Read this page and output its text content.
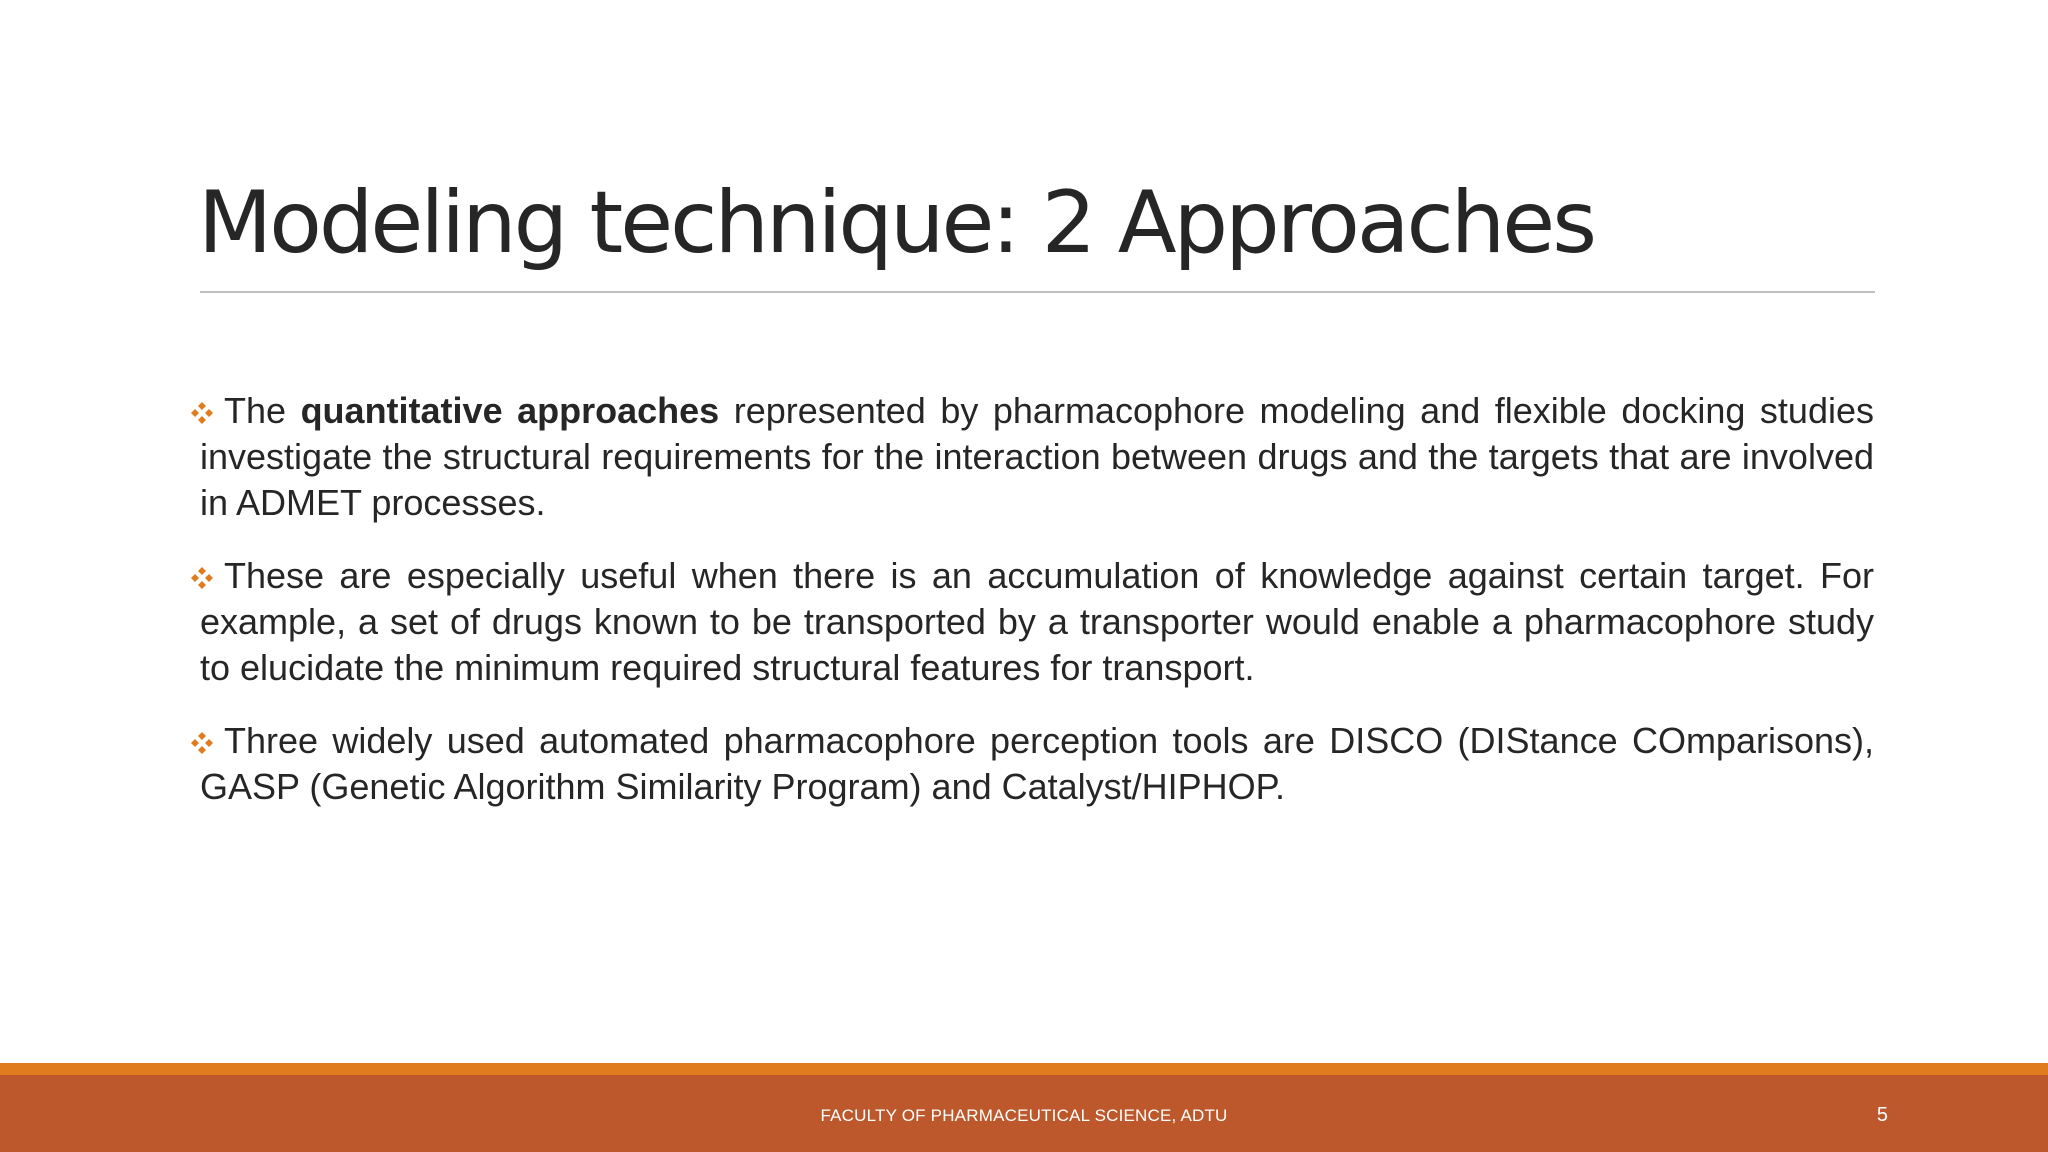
Modeling technique: 2 Approaches

The quantitative approaches represented by pharmacophore modeling and flexible docking studies investigate the structural requirements for the interaction between drugs and the targets that are involved in ADMET processes.

These are especially useful when there is an accumulation of knowledge against certain target. For example, a set of drugs known to be transported by a transporter would enable a pharmacophore study to elucidate the minimum required structural features for transport.

Three widely used automated pharmacophore perception tools are DISCO (DIStance COmparisons), GASP (Genetic Algorithm Similarity Program) and Catalyst/HIPHOP.

FACULTY OF PHARMACEUTICAL SCIENCE, ADTU	5
